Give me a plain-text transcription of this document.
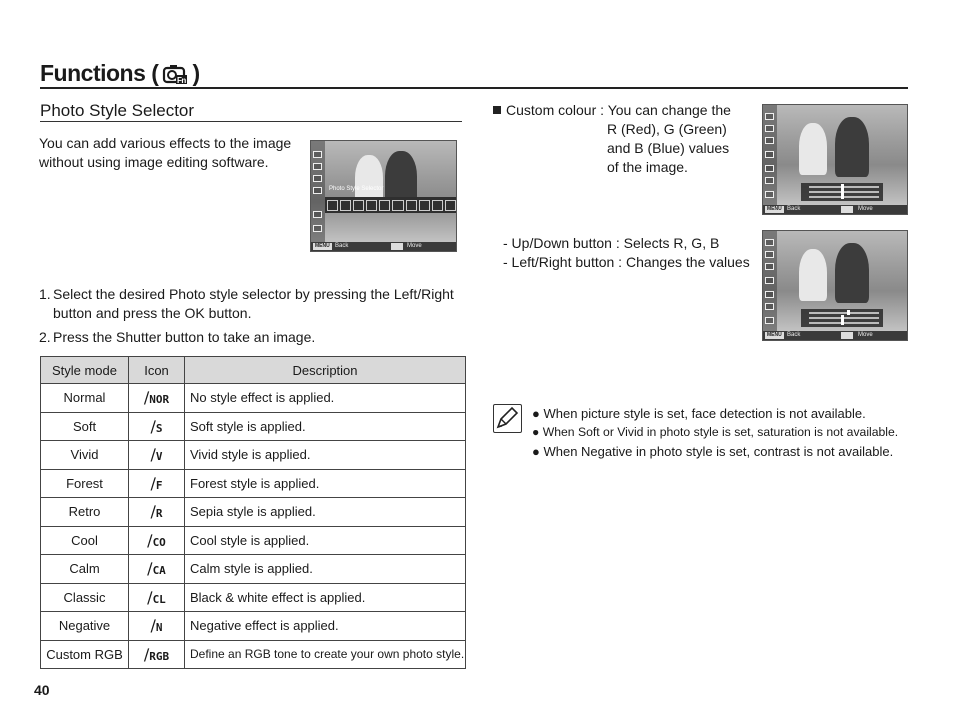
Functions ( Fn )
Photo Style Selector
You can add various effects to the image without using image editing software.
Photo Style Selector
MENU Back	Move
1. Select the desired Photo style selector by pressing the Left/Right button and press the OK button.
2. Press the Shutter button to take an image.
Style mode	Icon	Description
Normal	∕NOR	No style effect is applied.
Soft	∕S	Soft style is applied.
Vivid	∕V	Vivid style is applied.
Forest	∕F	Forest style is applied.
Retro	∕R	Sepia style is applied.
Cool	∕CO	Cool style is applied.
Calm	∕CA	Calm style is applied.
Classic	∕CL	Black & white effect is applied.
Negative	∕N	Negative effect is applied.
Custom RGB	∕RGB	Define an RGB tone to create your own photo style.
Custom colour : You can change the
R (Red), G (Green)
and B (Blue) values
of the image.
MENU Back	Move
- Up/Down button : Selects R, G, B
- Left/Right button : Changes the values
MENU Back	Move
● When picture style is set, face detection is not available.
● When Soft or Vivid in photo style is set, saturation is not available.
● When Negative in photo style is set, contrast is not available.
40
